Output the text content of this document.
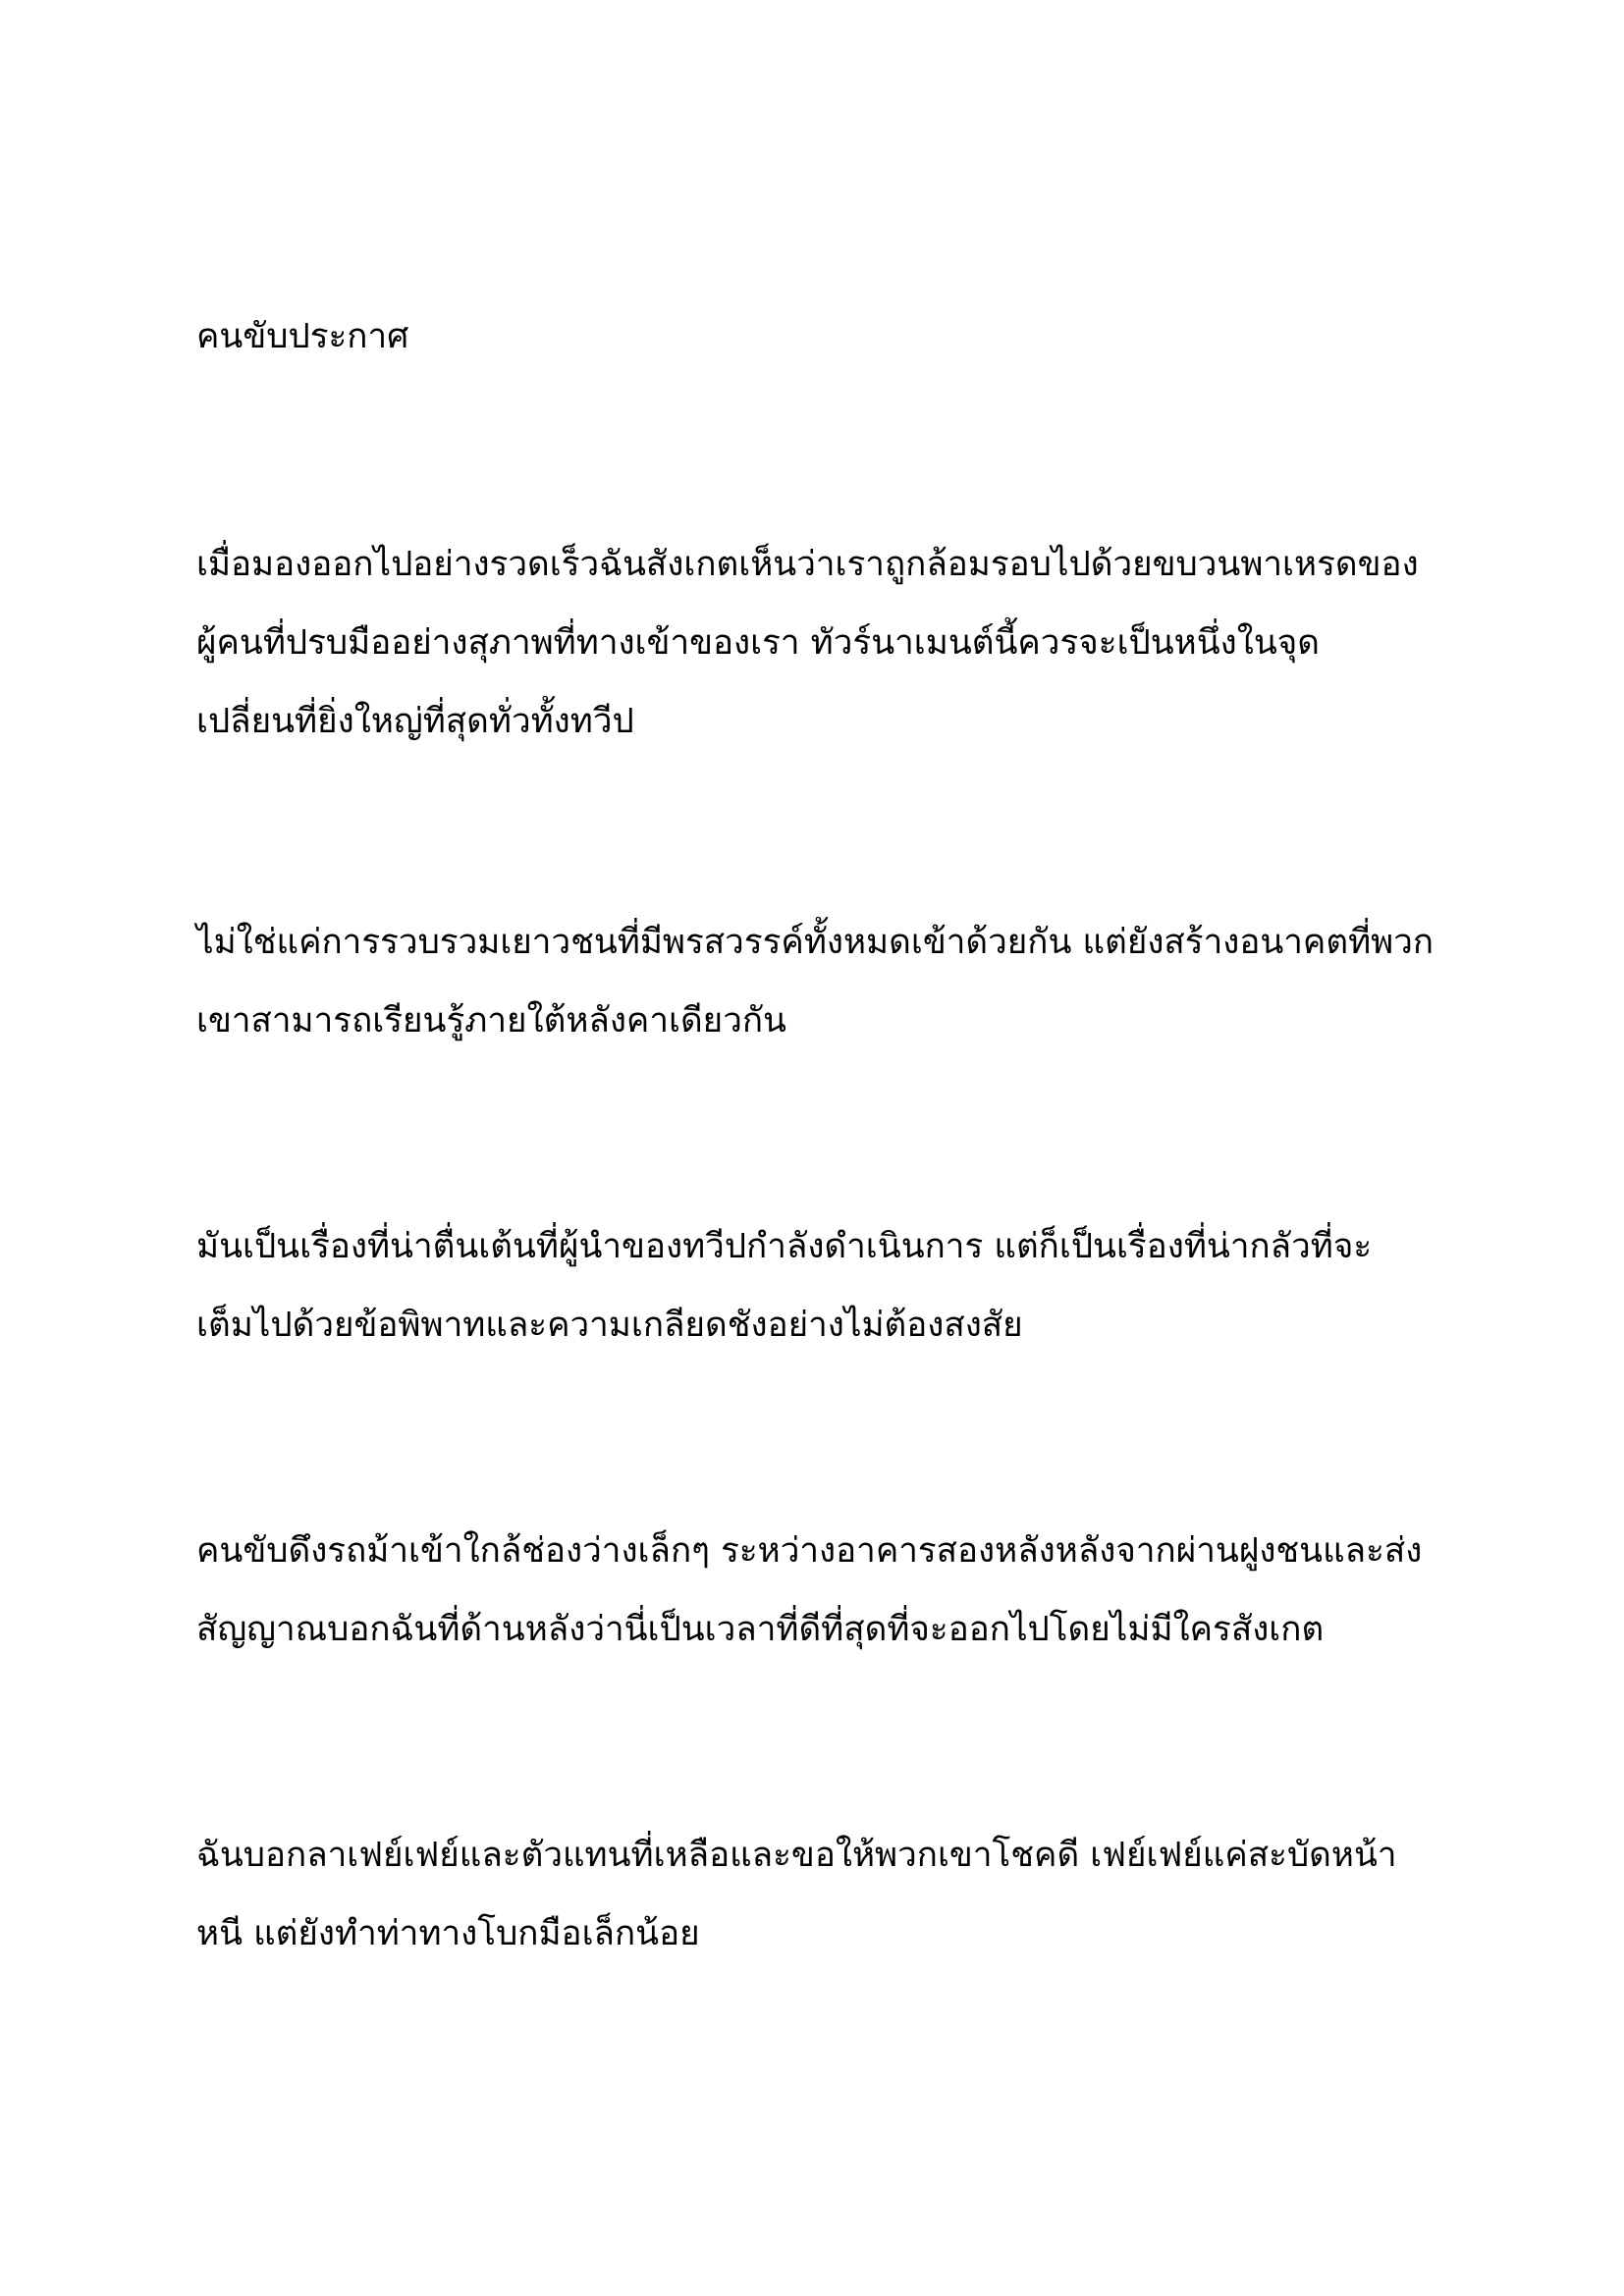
คนขับประกาศ
เมื่อมองออกไปอย่างรวดเร็วฉันสังเกตเห็นว่าเราถูกล้อมรอบไปด้วยขบวนพาเหรดของ
ผู้คนที่ปรบมืออย่างสุภาพที่ทางเข้าของเรา ทัวร์นาเมนต์นี้ควรจะเป็นหนึ่งในจุด
เปลี่ยนที่ยิ่งใหญ่ที่สุดทั่วทั้งทวีป
ไม่ใช่แค่การรวบรวมเยาวชนที่มีพรสวรรค์ทั้งหมดเข้าด้วยกัน แต่ยังสร้างอนาคตที่พวก
เขาสามารถเรียนรู้ภายใต้หลังคาเดียวกัน
มันเป็นเรื่องที่น่าตื่นเต้นที่ผู้นำของทวีปกำลังดำเนินการ แต่ก็เป็นเรื่องที่น่ากลัวที่จะ
เต็มไปด้วยข้อพิพาทและความเกลียดชังอย่างไม่ต้องสงสัย
คนขับดึงรถม้าเข้าใกล้ช่องว่างเล็กๆ ระหว่างอาคารสองหลังหลังจากผ่านฝูงชนและส่ง
สัญญาณบอกฉันที่ด้านหลังว่านี่เป็นเวลาที่ดีที่สุดที่จะออกไปโดยไม่มีใครสังเกต
ฉันบอกลาเฟย์เฟย์และตัวแทนที่เหลือและขอให้พวกเขาโชคดี เฟย์เฟย์แค่สะบัดหน้า
หนี แต่ยังทำท่าทางโบกมือเล็กน้อย
